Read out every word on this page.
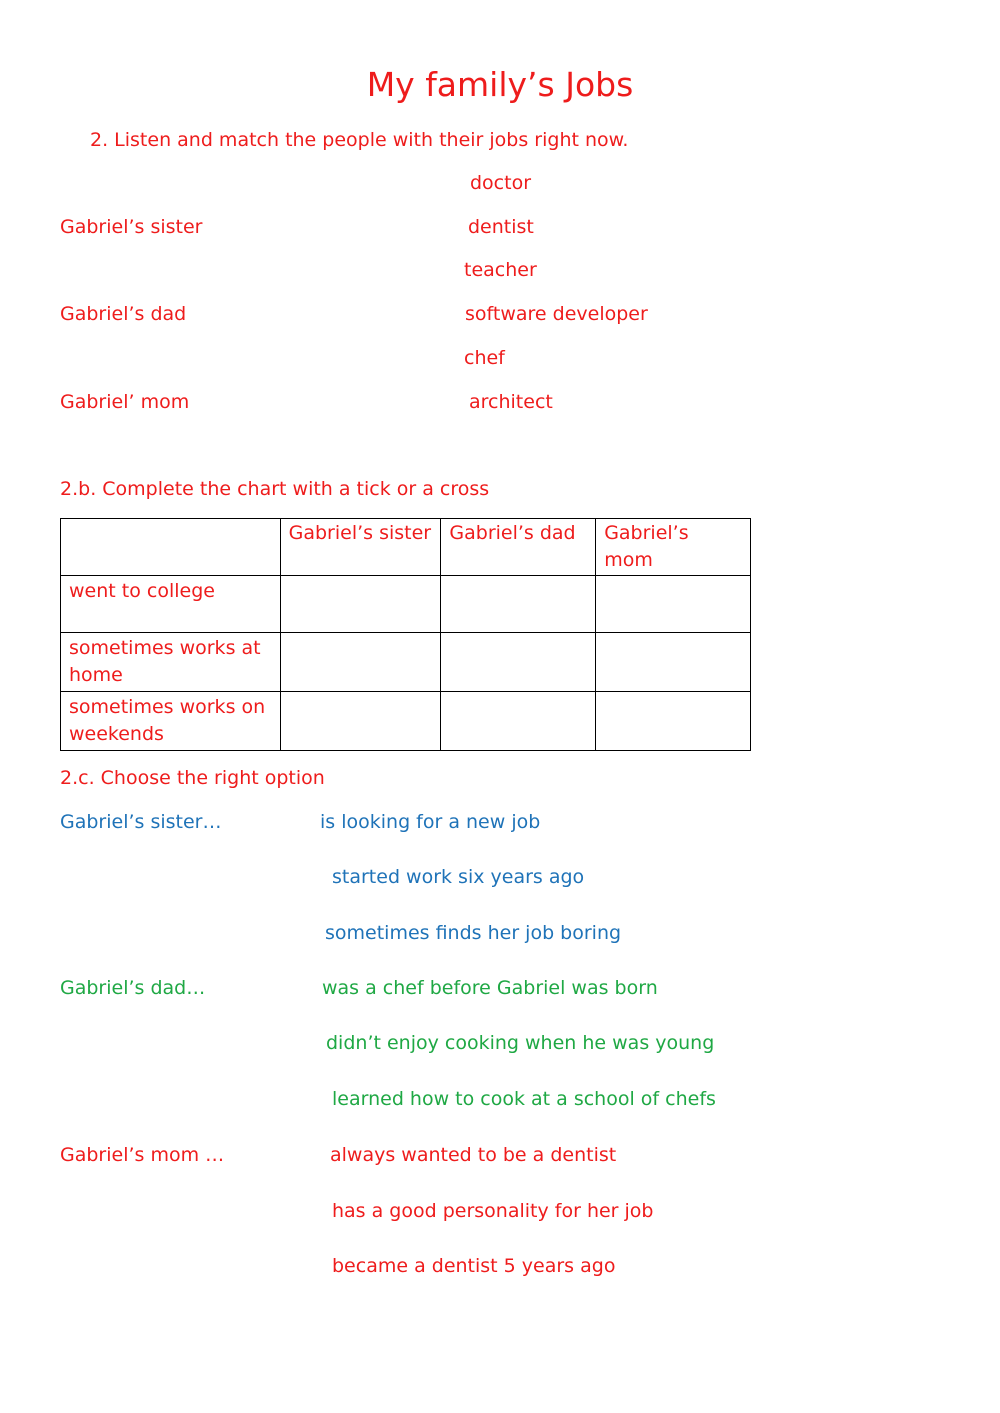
My family’s Jobs
2. Listen and match the people with their jobs right now.
Gabriel’s sister
Gabriel’s dad
Gabriel’ mom
doctor
dentist
teacher
software developer
chef
architect
2.b. Complete the chart with a tick or a cross
	Gabriel’s sister	Gabriel’s dad	Gabriel’s mom
went to college			
sometimes works at home			
sometimes works on weekends			
2.c. Choose the right option
Gabriel’s sister…	is looking for a new job
started work six years ago
sometimes finds her job boring
Gabriel’s dad…	was a chef before Gabriel was born
didn’t enjoy cooking when he was young
learned how to cook at a school of chefs
Gabriel’s mom …	always wanted to be a dentist
has a good personality for her job
became a dentist 5 years ago
